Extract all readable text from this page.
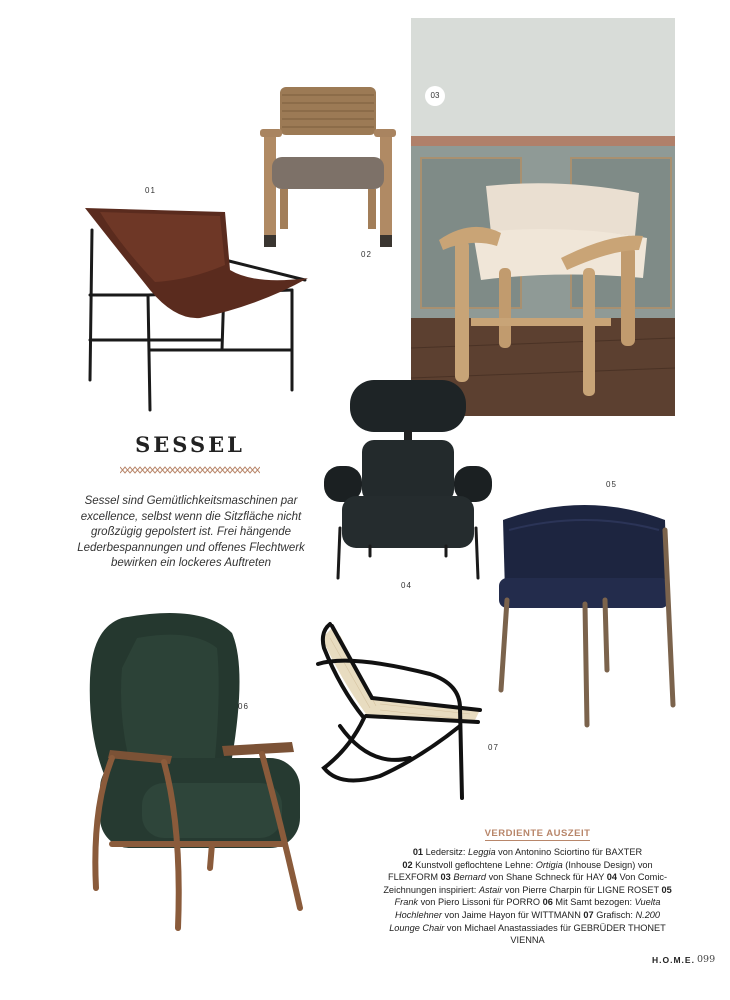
01
02
03
SESSEL
Sessel sind Gemütlichkeitsmaschinen par excellence, selbst wenn die Sitzfläche nicht großzügig gepolstert ist. Frei hängende Lederbespannungen und offenes Flechtwerk bewirken ein lockeres Auftreten
04
05
06
07
VERDIENTE AUSZEIT
01 Ledersitz: Leggia von Antonino Sciortino für BAXTER
02 Kunstvoll geflochtene Lehne: Ortigia (Inhouse Design) von FLEXFORM 03 Bernard von Shane Schneck für HAY 04 Von Comic-Zeichnungen inspiriert: Astair von Pierre Charpin für LIGNE ROSET 05 Frank von Piero Lissoni für PORRO 06 Mit Samt bezogen: Vuelta Hochlehner von Jaime Hayon für WITTMANN 07 Grafisch: N.200 Lounge Chair von Michael Anastassiades für GEBRÜDER THONET VIENNA
H.O.M.E. 099
